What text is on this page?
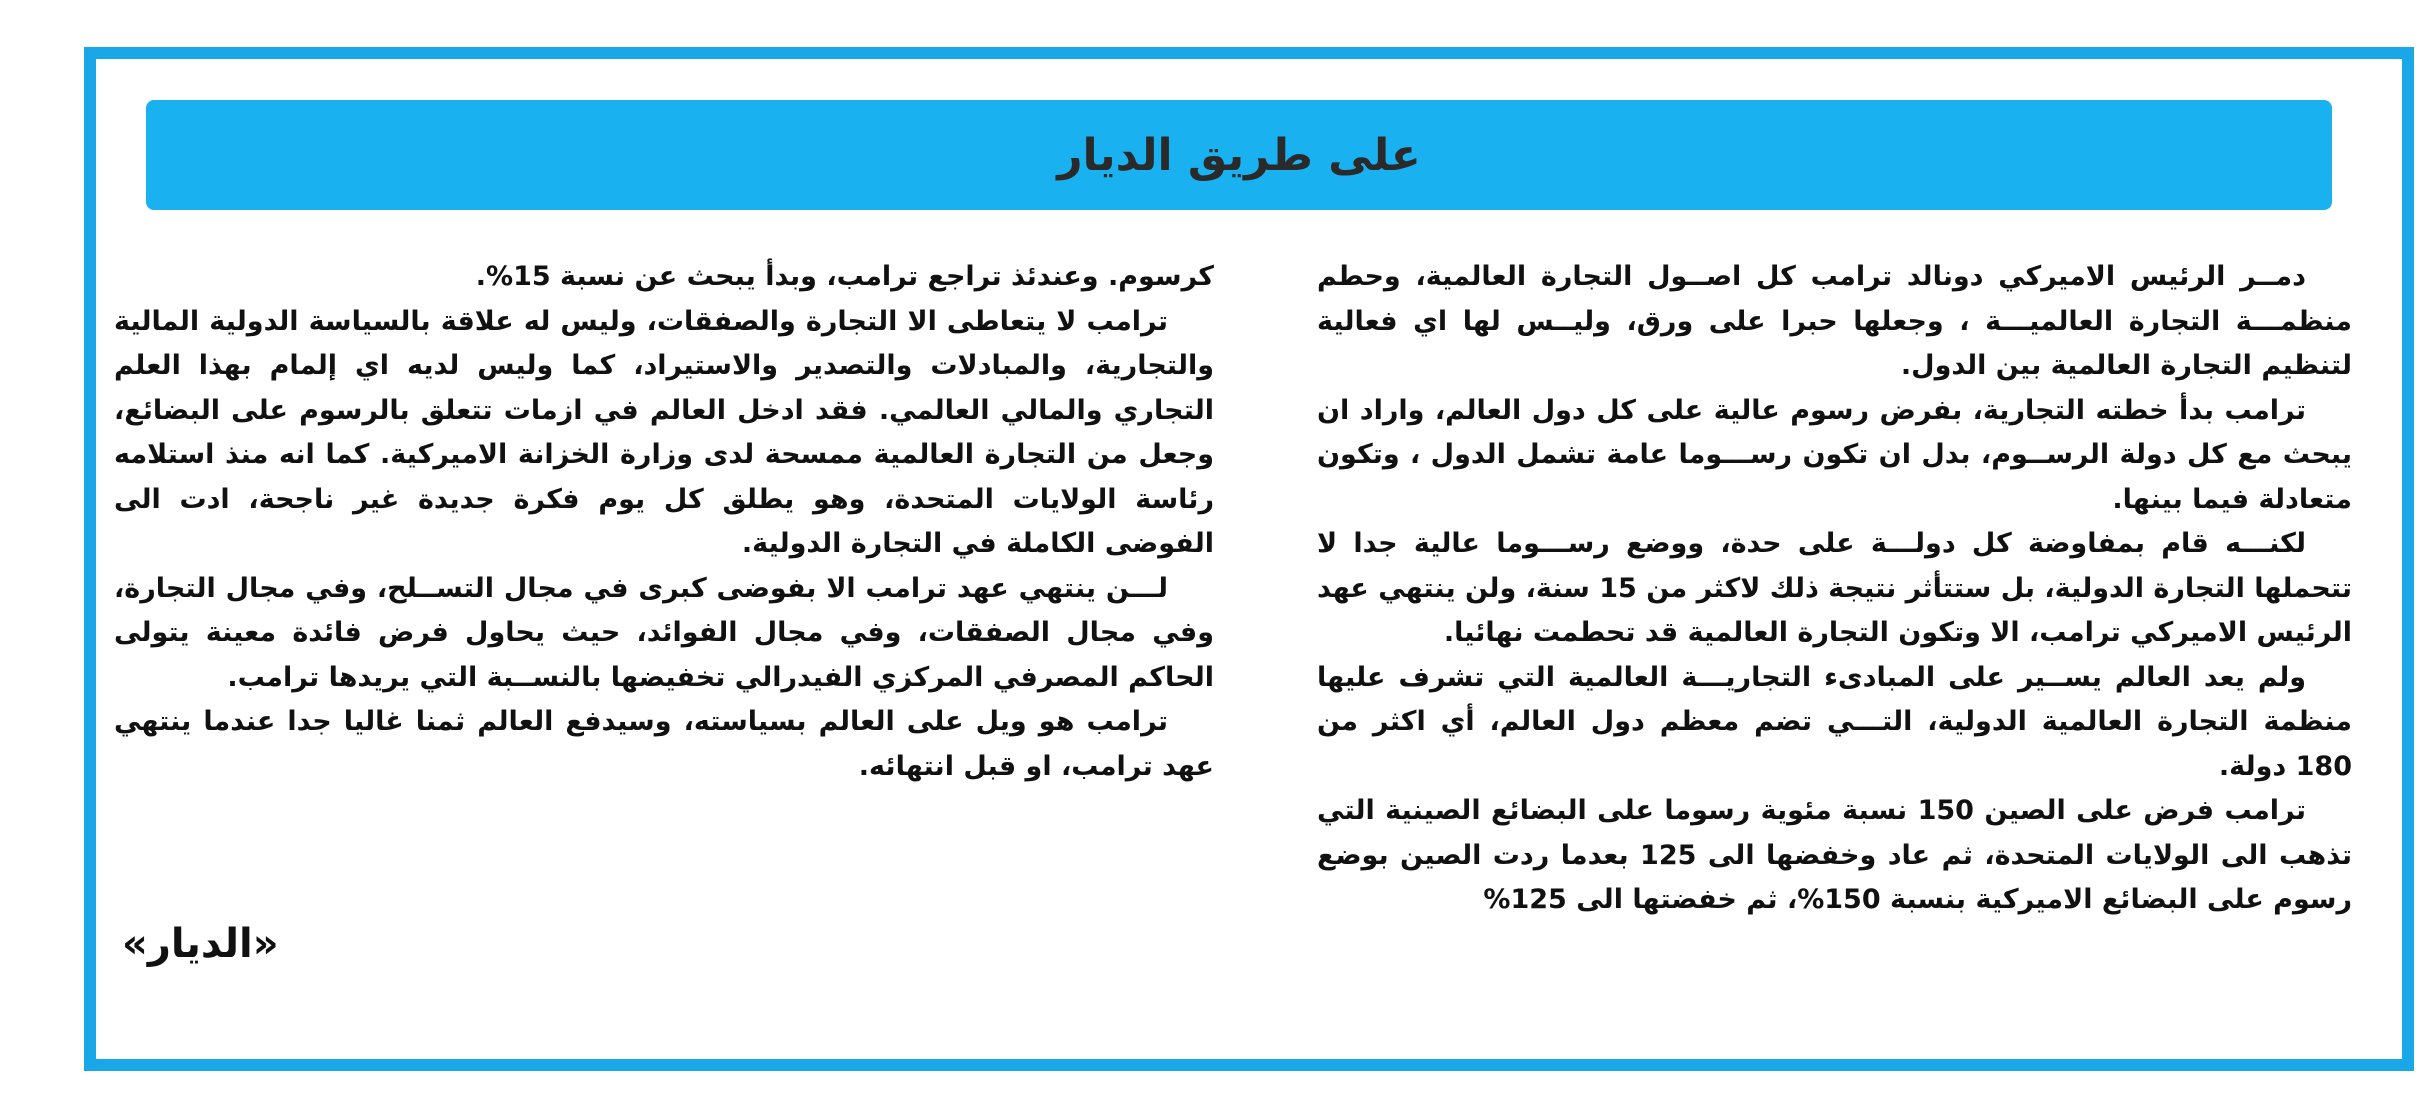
على طريق الديار

دمــر الرئيس الاميركي دونالد ترامب كل اصــول التجارة العالمية، وحطم منظمـــة التجارة العالميـــة ، وجعلها حبرا على ورق، وليــس لها اي فعالية لتنظيم التجارة العالمية بين الدول.

ترامب بدأ خطته التجارية، بفرض رسوم عالية على كل دول العالم، واراد ان يبحث مع كل دولة الرســوم، بدل ان تكون رســـوما عامة تشمل الدول ، وتكون متعادلة فيما بينها.

لكنـــه قام بمفاوضة كل دولـــة على حدة، ووضع رســـوما عالية جدا لا تتحملها التجارة الدولية، بل ستتأثر نتيجة ذلك لاكثر من 15 سنة، ولن ينتهي عهد الرئيس الاميركي ترامب، الا وتكون التجارة العالمية قد تحطمت نهائيا.

ولم يعد العالم يســير على المبادىء التجاريـــة العالمية التي تشرف عليها منظمة التجارة العالمية الدولية، التـــي تضم معظم دول العالم، أي اكثر من 180 دولة.

ترامب فرض على الصين 150 نسبة مئوية رسوما على البضائع الصينية التي تذهب الى الولايات المتحدة، ثم عاد وخفضها الى 125 بعدما ردت الصين بوضع رسوم على البضائع الاميركية بنسبة 150%، ثم خفضتها الى 125%

كرسوم. وعندئذ تراجع ترامب، وبدأ يبحث عن نسبة 15%.

ترامب لا يتعاطى الا التجارة والصفقات، وليس له علاقة بالسياسة الدولية المالية والتجارية، والمبادلات والتصدير والاستيراد، كما وليس لديه اي إلمام بهذا العلم التجاري والمالي العالمي. فقد ادخل العالم في ازمات تتعلق بالرسوم على البضائع، وجعل من التجارة العالمية ممسحة لدى وزارة الخزانة الاميركية. كما انه منذ استلامه رئاسة الولايات المتحدة، وهو يطلق كل يوم فكرة جديدة غير ناجحة، ادت الى الفوضى الكاملة في التجارة الدولية.

لـــن ينتهي عهد ترامب الا بفوضى كبرى في مجال التســلح، وفي مجال التجارة، وفي مجال الصفقات، وفي مجال الفوائد، حيث يحاول فرض فائدة معينة يتولى الحاكم المصرفي المركزي الفيدرالي تخفيضها بالنســبة التي يريدها ترامب.

ترامب هو ويل على العالم بسياسته، وسيدفع العالم ثمنا غاليا جدا عندما ينتهي عهد ترامب، او قبل انتهائه.

«الديار»
